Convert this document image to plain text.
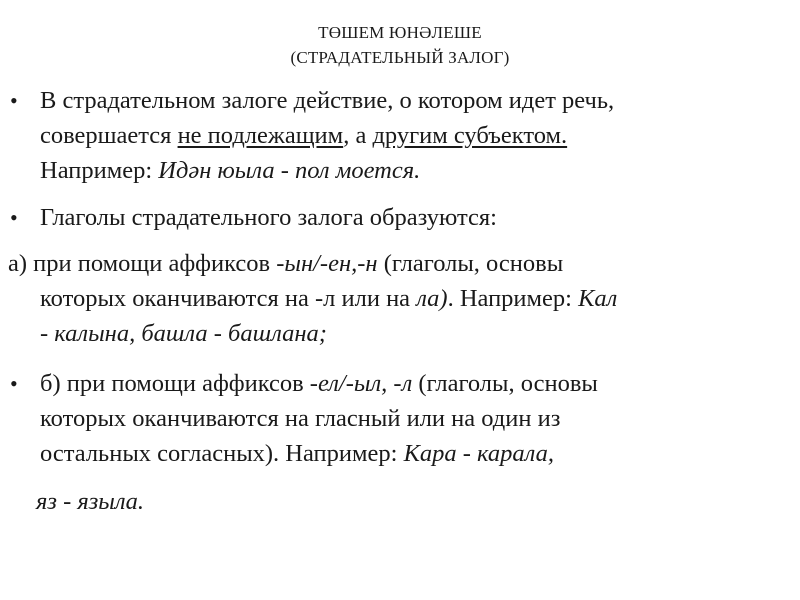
ТӨШЕМ ЮНӘЛЕШЕ
(СТРАДАТЕЛЬНЫЙ ЗАЛОГ)
• В страдательном залоге действие, о котором идет речь,
совершается не подлежащим, а другим субъектом.
Например: Идән юыла - пол моется.
• Глаголы страдательного залога образуются:
а) при помощи аффиксов -ын/-ен,-н (глаголы, основы
которых оканчиваются на -л или на ла). Например: Кал
- калына, башла - башлана;
• б) при помощи аффиксов -ел/-ыл, -л (глаголы, основы
которых оканчиваются на гласный или на один из
остальных согласных). Например: Кара - карала,
яз - язылa.
